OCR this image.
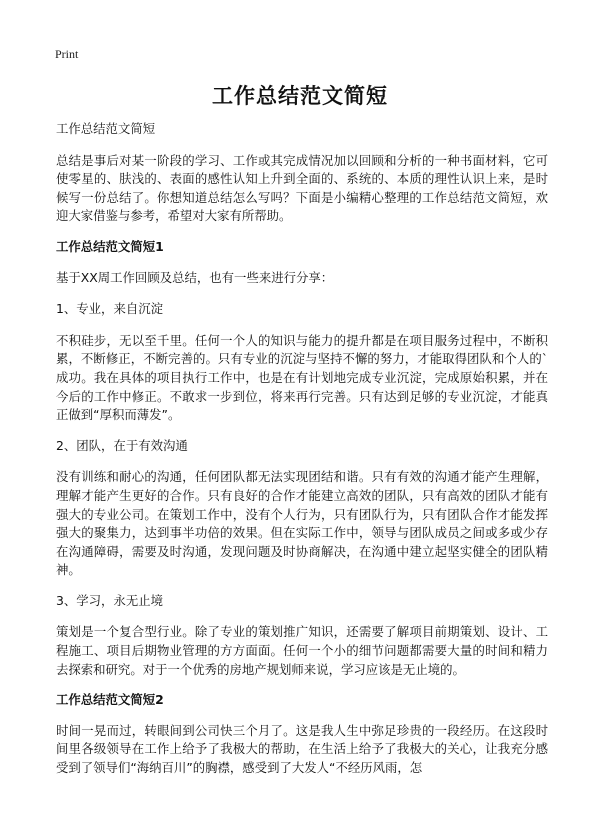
Print
工作总结范文简短

工作总结范文简短

总结是事后对某一阶段的学习、工作或其完成情况加以回顾和分析的一种书面材料，它可使零星的、肤浅的、表面的感性认知上升到全面的、系统的、本质的理性认识上来，是时候写一份总结了。你想知道总结怎么写吗？下面是小编精心整理的工作总结范文简短，欢迎大家借鉴与参考，希望对大家有所帮助。

工作总结范文简短1

基于XX周工作回顾及总结，也有一些来进行分享：

1、专业，来自沉淀

不积硅步，无以至千里。任何一个人的知识与能力的提升都是在项目服务过程中，不断积累，不断修正，不断完善的。只有专业的沉淀与坚持不懈的努力，才能取得团队和个人的`成功。我在具体的项目执行工作中，也是在有计划地完成专业沉淀，完成原始积累，并在今后的工作中修正。不敢求一步到位，将来再行完善。只有达到足够的专业沉淀，才能真正做到“厚积而薄发”。

2、团队，在于有效沟通

没有训练和耐心的沟通，任何团队都无法实现团结和谐。只有有效的沟通才能产生理解，理解才能产生更好的合作。只有良好的合作才能建立高效的团队，只有高效的团队才能有强大的专业公司。在策划工作中，没有个人行为，只有团队行为，只有团队合作才能发挥强大的聚集力，达到事半功倍的效果。但在实际工作中，领导与团队成员之间或多或少存在沟通障碍，需要及时沟通，发现问题及时协商解决，在沟通中建立起坚实健全的团队精神。

3、学习，永无止境

策划是一个复合型行业。除了专业的策划推广知识，还需要了解项目前期策划、设计、工程施工、项目后期物业管理的方方面面。任何一个小的细节问题都需要大量的时间和精力去探索和研究。对于一个优秀的房地产规划师来说，学习应该是无止境的。

工作总结范文简短2

时间一晃而过，转眼间到公司快三个月了。这是我人生中弥足珍贵的一段经历。在这段时间里各级领导在工作上给予了我极大的帮助，在生活上给予了我极大的关心，让我充分感受到了领导们“海纳百川”的胸襟，感受到了大发人“不经历风雨，怎
